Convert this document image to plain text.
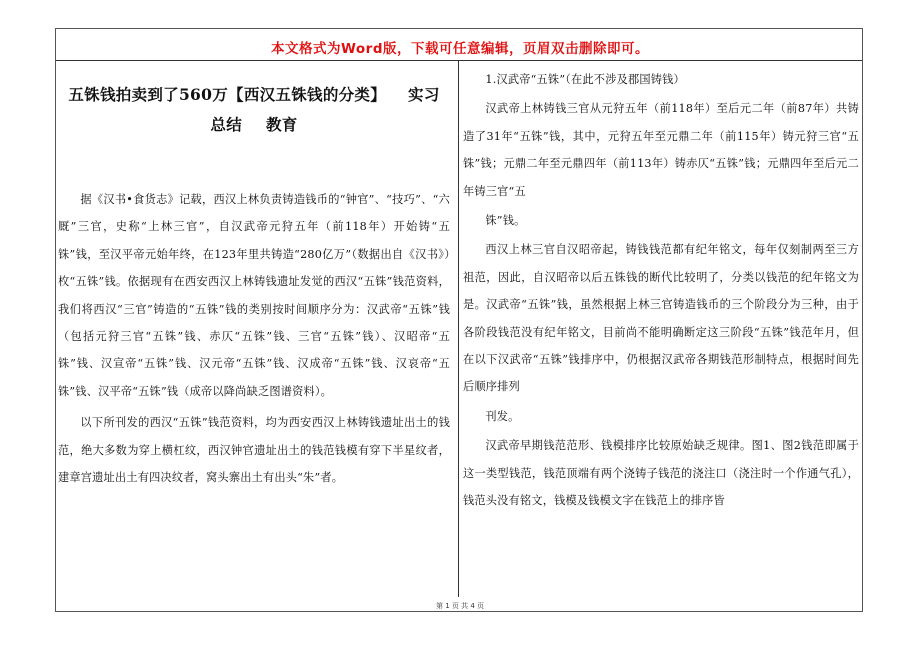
本文格式为Word版，下载可任意编辑，页眉双击删除即可。
五铢钱拍卖到了560万【西汉五铢钱的分类】 实习
总结 教育

据《汉书•食货志》记载，西汉上林负责铸造钱币的“钟官”、“技巧”、“六厩”三官，史称“上林三官”，自汉武帝元狩五年（前118年）开始铸“五铢”钱，至汉平帝元始年终，在123年里共铸造“280亿万”（数据出自《汉书》）枚“五铢”钱。依据现有在西安西汉上林铸钱遗址发觉的西汉“五铢”钱范资料，我们将西汉“三官”铸造的“五铢”钱的类别按时间顺序分为：汉武帝“五铢”钱（包括元狩三官“五铢”钱、赤仄“五铢”钱、三官“五铢”钱）、汉昭帝“五铢”钱、汉宣帝“五铢”钱、汉元帝“五铢”钱、汉成帝“五铢”钱、汉哀帝“五铢”钱、汉平帝“五铢”钱（成帝以降尚缺乏图谱资料）。

以下所刊发的西汉“五铢”钱范资料，均为西安西汉上林铸钱遗址出土的钱范，绝大多数为穿上横杠纹，西汉钟官遗址出土的钱范钱模有穿下半星纹者，建章宫遗址出土有四决纹者，窝头寨出土有出头“朱”者。

1.汉武帝“五铢”（在此不涉及郡国铸钱）

汉武帝上林铸钱三官从元狩五年（前118年）至后元二年（前87年）共铸造了31年“五铢”钱，其中，元狩五年至元鼎二年（前115年）铸元狩三官“五铢”钱；元鼎二年至元鼎四年（前113年）铸赤仄“五铢”钱；元鼎四年至后元二年铸三官“五

铢”钱。

西汉上林三官自汉昭帝起，铸钱钱范都有纪年铭文，每年仅刻制两至三方祖范，因此，自汉昭帝以后五铢钱的断代比较明了，分类以钱范的纪年铭文为是。汉武帝“五铢”钱，虽然根据上林三官铸造钱币的三个阶段分为三种，由于各阶段钱范没有纪年铭文，目前尚不能明确断定这三阶段“五铢”钱范年月，但在以下汉武帝“五铢”钱排序中，仍根据汉武帝各期钱范形制特点，根据时间先后顺序排列

刊发。

汉武帝早期钱范范形、钱模排序比较原始缺乏规律。图1、图2钱范即属于这一类型钱范，钱范顶端有两个浇铸子钱范的浇注口（浇注时一个作通气孔），钱范头没有铭文，钱模及钱模文字在钱范上的排序皆

第 1 页 共 4 页
